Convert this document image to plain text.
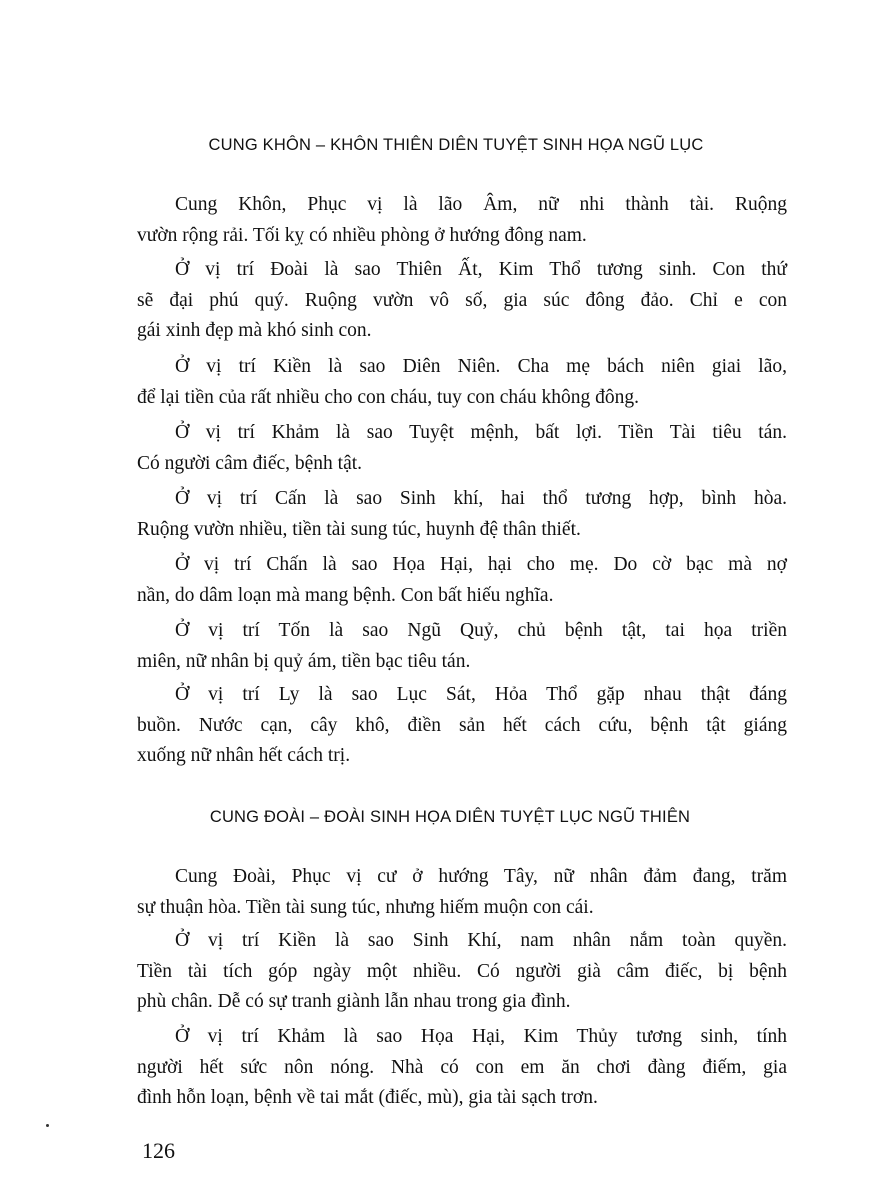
CUNG KHÔN – KHÔN THIÊN DIÊN TUYỆT SINH HỌA NGŨ LỤC

Cung Khôn, Phục vị là lão Âm, nữ nhi thành tài. Ruộng
vườn rộng rải. Tối kỵ có nhiều phòng ở hướng đông nam.

Ở vị trí Đoài là sao Thiên Ất, Kim Thổ tương sinh. Con thứ
sẽ đại phú quý. Ruộng vườn vô số, gia súc đông đảo. Chỉ e con
gái xinh đẹp mà khó sinh con.

Ở vị trí Kiền là sao Diên Niên. Cha mẹ bách niên giai lão,
để lại tiền của rất nhiều cho con cháu, tuy con cháu không đông.

Ở vị trí Khảm là sao Tuyệt mệnh, bất lợi. Tiền Tài tiêu tán.
Có người câm điếc, bệnh tật.

Ở vị trí Cấn là sao Sinh khí, hai thổ tương hợp, bình hòa.
Ruộng vườn nhiều, tiền tài sung túc, huynh đệ thân thiết.

Ở vị trí Chấn là sao Họa Hại, hại cho mẹ. Do cờ bạc mà nợ
nần, do dâm loạn mà mang bệnh. Con bất hiếu nghĩa.

Ở vị trí Tốn là sao Ngũ Quỷ, chủ bệnh tật, tai họa triền
miên, nữ nhân bị quỷ ám, tiền bạc tiêu tán.

Ở vị trí Ly là sao Lục Sát, Hỏa Thổ gặp nhau thật đáng
buồn. Nước cạn, cây khô, điền sản hết cách cứu, bệnh tật giáng
xuống nữ nhân hết cách trị.

CUNG ĐOÀI – ĐOÀI SINH HỌA DIÊN TUYỆT LỤC NGŨ THIÊN

Cung Đoài, Phục vị cư ở hướng Tây, nữ nhân đảm đang, trăm
sự thuận hòa. Tiền tài sung túc, nhưng hiếm muộn con cái.

Ở vị trí Kiền là sao Sinh Khí, nam nhân nắm toàn quyền.
Tiền tài tích góp ngày một nhiều. Có người già câm điếc, bị bệnh
phù chân. Dễ có sự tranh giành lẫn nhau trong gia đình.

Ở vị trí Khảm là sao Họa Hại, Kim Thủy tương sinh, tính
người hết sức nôn nóng. Nhà có con em ăn chơi đàng điếm, gia
đình hỗn loạn, bệnh về tai mắt (điếc, mù), gia tài sạch trơn.

126
